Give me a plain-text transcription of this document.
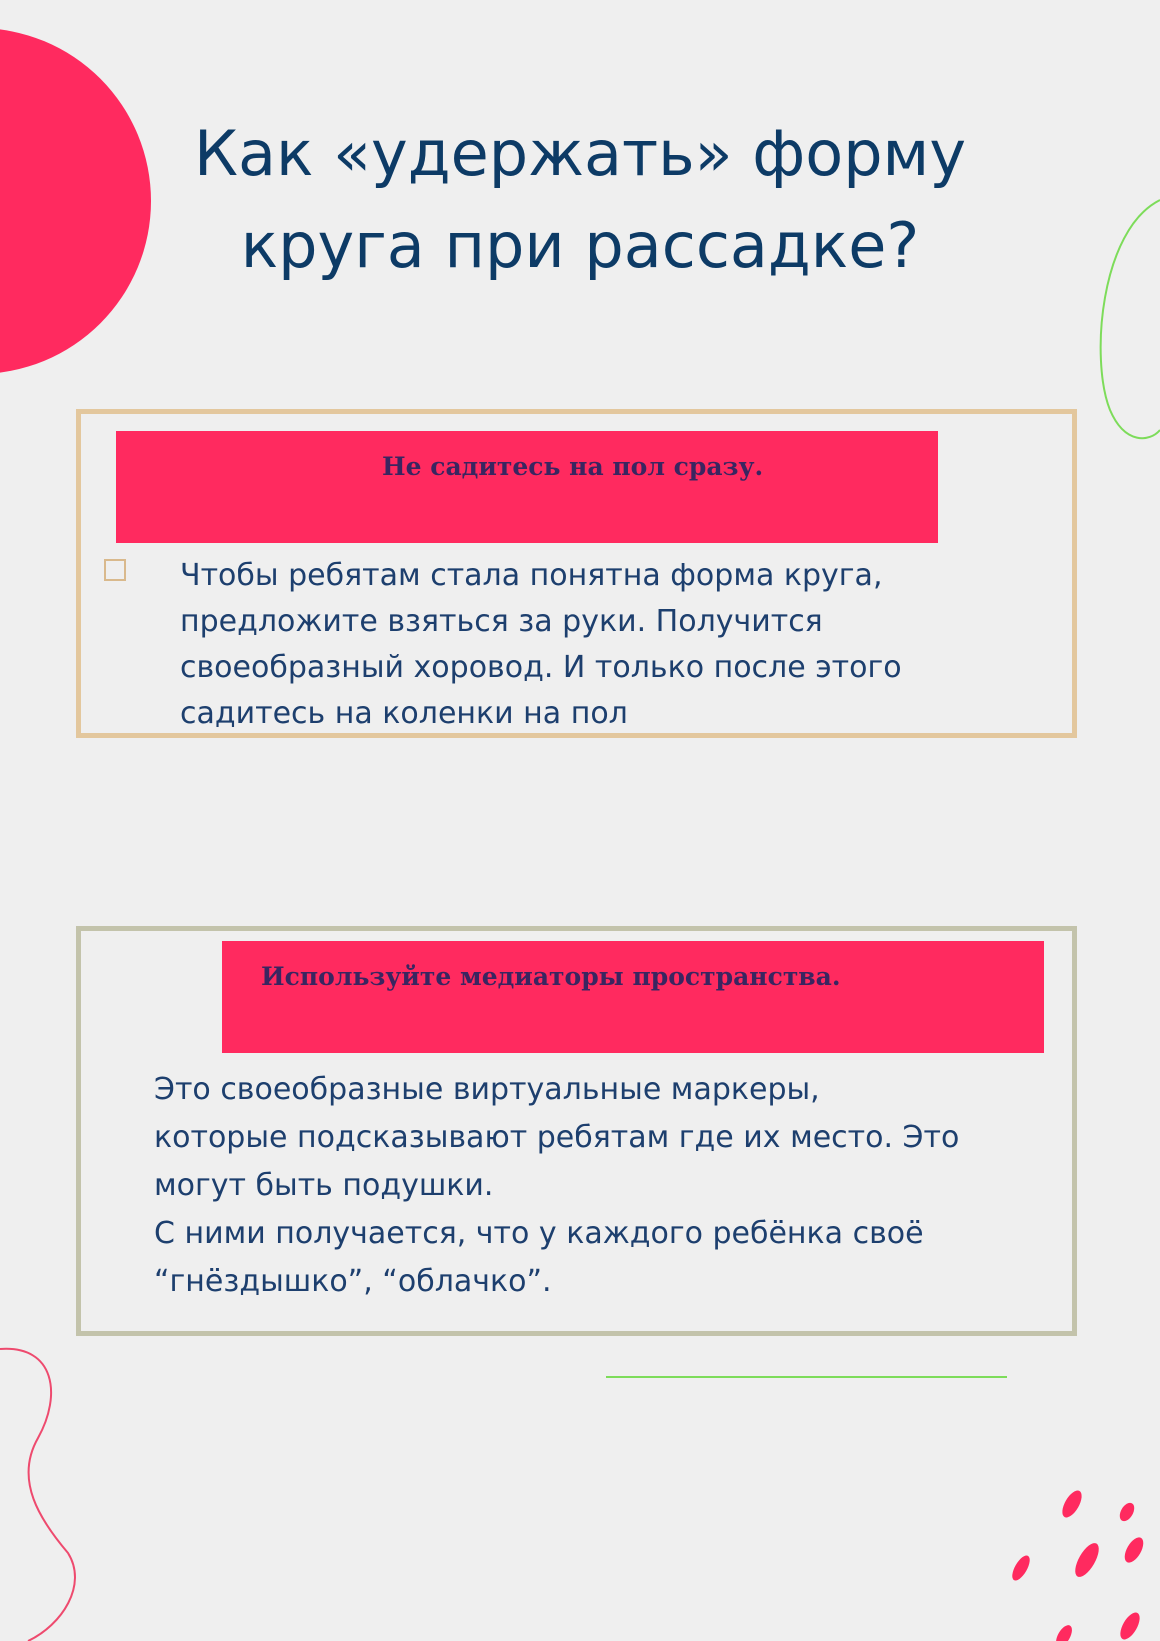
Как «удержать» форму
круга при рассадке?
Не садитесь на пол сразу.

Чтобы ребятам стала понятна форма круга,
предложите взяться за руки. Получится
своеобразный хоровод. И только после этого
садитесь на коленки на пол

Используйте медиаторы пространства.

Это своеобразные виртуальные маркеры,
которые подсказывают ребятам где их место. Это
могут быть подушки.
С ними получается, что у каждого ребёнка своё
“гнёздышко”, “облачко”.
